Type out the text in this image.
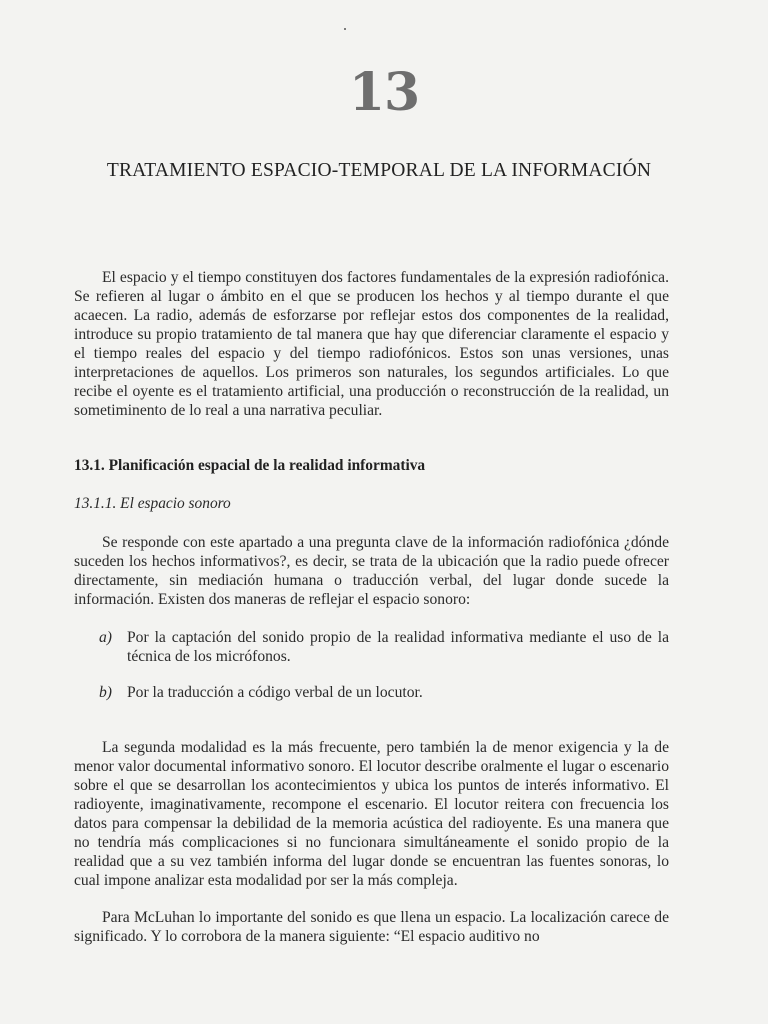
13
TRATAMIENTO ESPACIO-TEMPORAL DE LA INFORMACIÓN

El espacio y el tiempo constituyen dos factores fundamentales de la expresión radiofónica. Se refieren al lugar o ámbito en el que se producen los hechos y al tiempo durante el que acaecen. La radio, además de esforzarse por reflejar estos dos componentes de la realidad, introduce su propio tratamiento de tal manera que hay que diferenciar claramente el espacio y el tiempo reales del espacio y del tiempo radiofónicos. Estos son unas versiones, unas interpretaciones de aquellos. Los primeros son naturales, los segundos artificiales. Lo que recibe el oyente es el tratamiento artificial, una producción o reconstrucción de la realidad, un sometiminento de lo real a una narrativa peculiar.

13.1. Planificación espacial de la realidad informativa
13.1.1. El espacio sonoro

Se responde con este apartado a una pregunta clave de la información radiofónica ¿dónde suceden los hechos informativos?, es decir, se trata de la ubicación que la radio puede ofrecer directamente, sin mediación humana o traducción verbal, del lugar donde sucede la información. Existen dos maneras de reflejar el espacio sonoro:

a) Por la captación del sonido propio de la realidad informativa mediante el uso de la técnica de los micrófonos.
b) Por la traducción a código verbal de un locutor.

La segunda modalidad es la más frecuente, pero también la de menor exigencia y la de menor valor documental informativo sonoro. El locutor describe oralmente el lugar o escenario sobre el que se desarrollan los acontecimientos y ubica los puntos de interés informativo. El radioyente, imaginativamente, recompone el escenario. El locutor reitera con frecuencia los datos para compensar la debilidad de la memoria acústica del radioyente. Es una manera que no tendría más complicaciones si no funcionara simultáneamente el sonido propio de la realidad que a su vez también informa del lugar donde se encuentran las fuentes sonoras, lo cual impone analizar esta modalidad por ser la más compleja.

Para McLuhan lo importante del sonido es que llena un espacio. La localización carece de significado. Y lo corrobora de la manera siguiente: “El espacio auditivo no
